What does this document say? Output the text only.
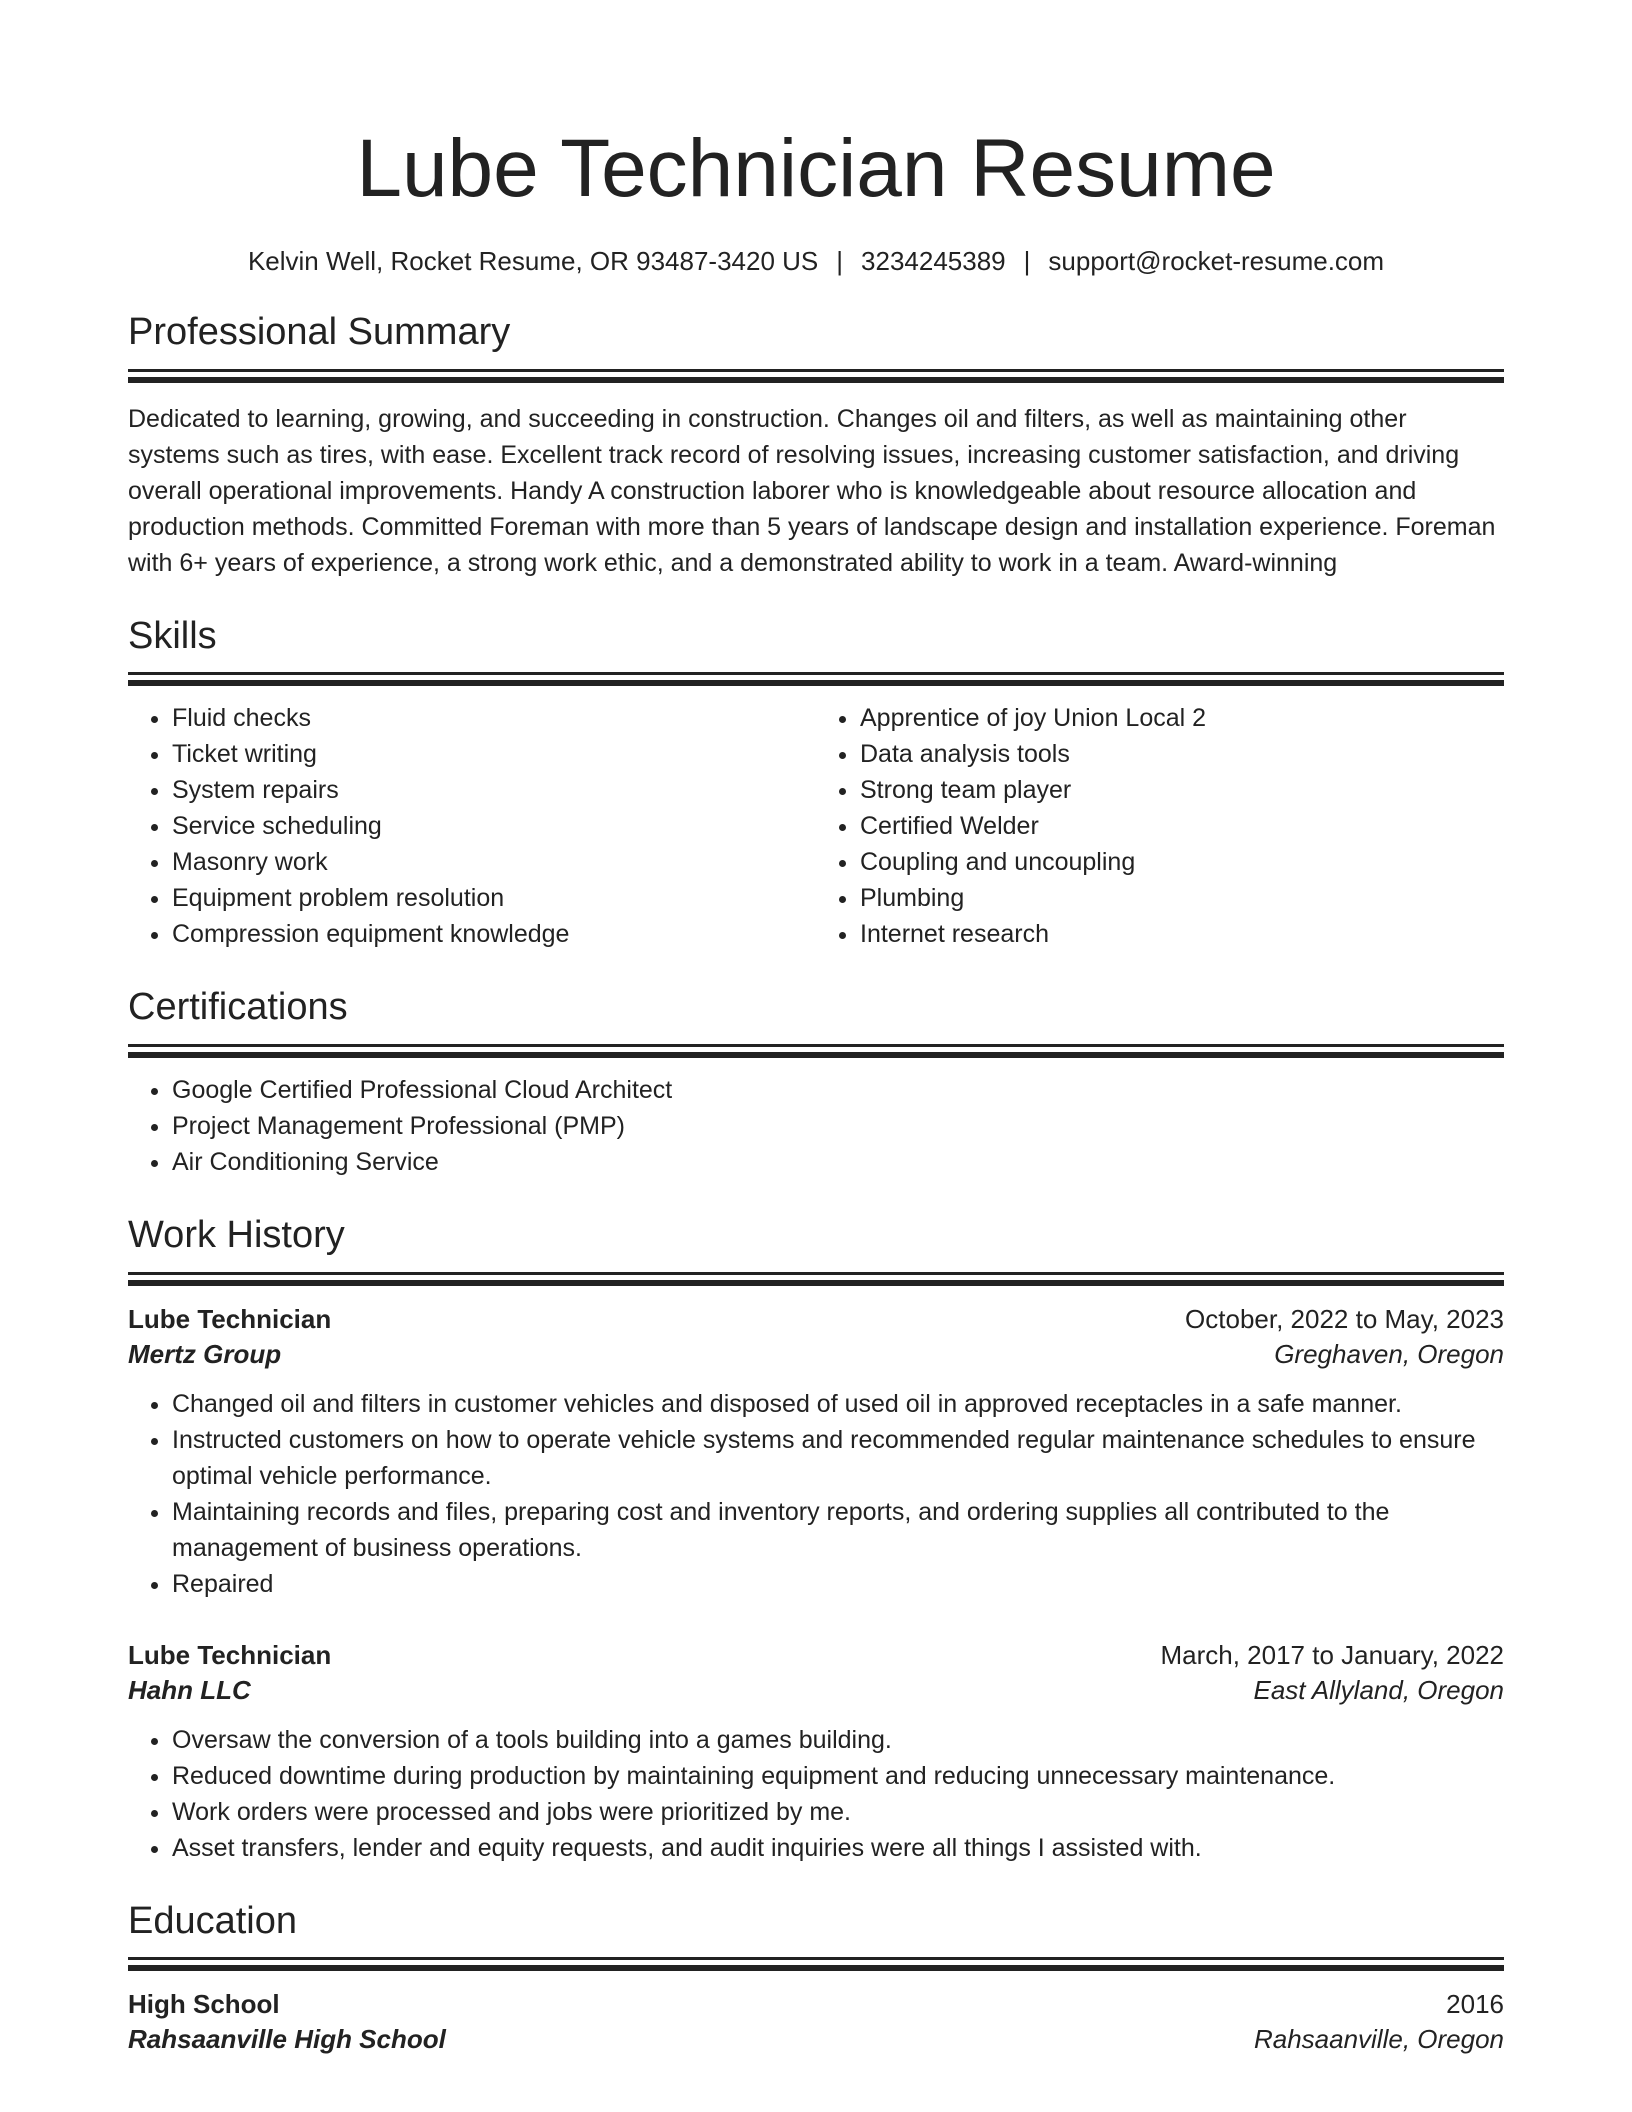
Lube Technician Resume
Kelvin Well, Rocket Resume, OR 93487-3420 US | 3234245389 | support@rocket-resume.com
Professional Summary
Dedicated to learning, growing, and succeeding in construction. Changes oil and filters, as well as maintaining other systems such as tires, with ease. Excellent track record of resolving issues, increasing customer satisfaction, and driving overall operational improvements. Handy A construction laborer who is knowledgeable about resource allocation and production methods. Committed Foreman with more than 5 years of landscape design and installation experience. Foreman with 6+ years of experience, a strong work ethic, and a demonstrated ability to work in a team. Award-winning
Skills
• Fluid checks
• Ticket writing
• System repairs
• Service scheduling
• Masonry work
• Equipment problem resolution
• Compression equipment knowledge
• Apprentice of joy Union Local 2
• Data analysis tools
• Strong team player
• Certified Welder
• Coupling and uncoupling
• Plumbing
• Internet research
Certifications
• Google Certified Professional Cloud Architect
• Project Management Professional (PMP)
• Air Conditioning Service
Work History
Lube Technician	October, 2022 to May, 2023
Mertz Group	Greghaven, Oregon
• Changed oil and filters in customer vehicles and disposed of used oil in approved receptacles in a safe manner.
• Instructed customers on how to operate vehicle systems and recommended regular maintenance schedules to ensure optimal vehicle performance.
• Maintaining records and files, preparing cost and inventory reports, and ordering supplies all contributed to the management of business operations.
• Repaired
Lube Technician	March, 2017 to January, 2022
Hahn LLC	East Allyland, Oregon
• Oversaw the conversion of a tools building into a games building.
• Reduced downtime during production by maintaining equipment and reducing unnecessary maintenance.
• Work orders were processed and jobs were prioritized by me.
• Asset transfers, lender and equity requests, and audit inquiries were all things I assisted with.
Education
High School	2016
Rahsaanville High School	Rahsaanville, Oregon
